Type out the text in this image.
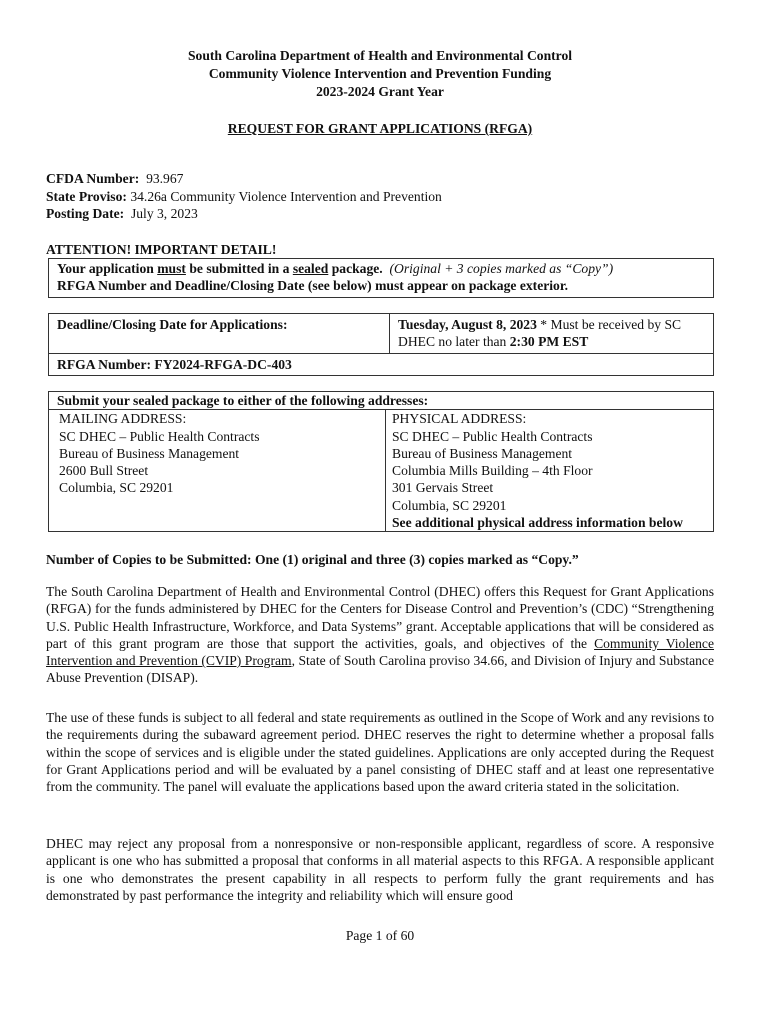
South Carolina Department of Health and Environmental Control
Community Violence Intervention and Prevention Funding
2023-2024 Grant Year
REQUEST FOR GRANT APPLICATIONS (RFGA)
CFDA Number: 93.967
State Proviso: 34.26a Community Violence Intervention and Prevention
Posting Date: July 3, 2023
ATTENTION! IMPORTANT DETAIL!
Your application must be submitted in a sealed package. (Original + 3 copies marked as “Copy”)
RFGA Number and Deadline/Closing Date (see below) must appear on package exterior.
Deadline/Closing Date for Applications:	Tuesday, August 8, 2023 * Must be received by SC DHEC no later than 2:30 PM EST
RFGA Number: FY2024-RFGA-DC-403
Submit your sealed package to either of the following addresses:

MAILING ADDRESS:
SC DHEC – Public Health Contracts
Bureau of Business Management
2600 Bull Street
Columbia, SC 29201

PHYSICAL ADDRESS:
SC DHEC – Public Health Contracts
Bureau of Business Management
Columbia Mills Building – 4th Floor
301 Gervais Street
Columbia, SC 29201
See additional physical address information below
Number of Copies to be Submitted: One (1) original and three (3) copies marked as “Copy.”
The South Carolina Department of Health and Environmental Control (DHEC) offers this Request for Grant Applications (RFGA) for the funds administered by DHEC for the Centers for Disease Control and Prevention’s (CDC) “Strengthening U.S. Public Health Infrastructure, Workforce, and Data Systems” grant. Acceptable applications that will be considered as part of this grant program are those that support the activities, goals, and objectives of the Community Violence Intervention and Prevention (CVIP) Program, State of South Carolina proviso 34.66, and Division of Injury and Substance Abuse Prevention (DISAP).
The use of these funds is subject to all federal and state requirements as outlined in the Scope of Work and any revisions to the requirements during the subaward agreement period. DHEC reserves the right to determine whether a proposal falls within the scope of services and is eligible under the stated guidelines. Applications are only accepted during the Request for Grant Applications period and will be evaluated by a panel consisting of DHEC staff and at least one representative from the community. The panel will evaluate the applications based upon the award criteria stated in the solicitation.
DHEC may reject any proposal from a nonresponsive or non-responsible applicant, regardless of score. A responsive applicant is one who has submitted a proposal that conforms in all material aspects to this RFGA. A responsible applicant is one who demonstrates the present capability in all respects to perform fully the grant requirements and has demonstrated by past performance the integrity and reliability which will ensure good
Page 1 of 60
